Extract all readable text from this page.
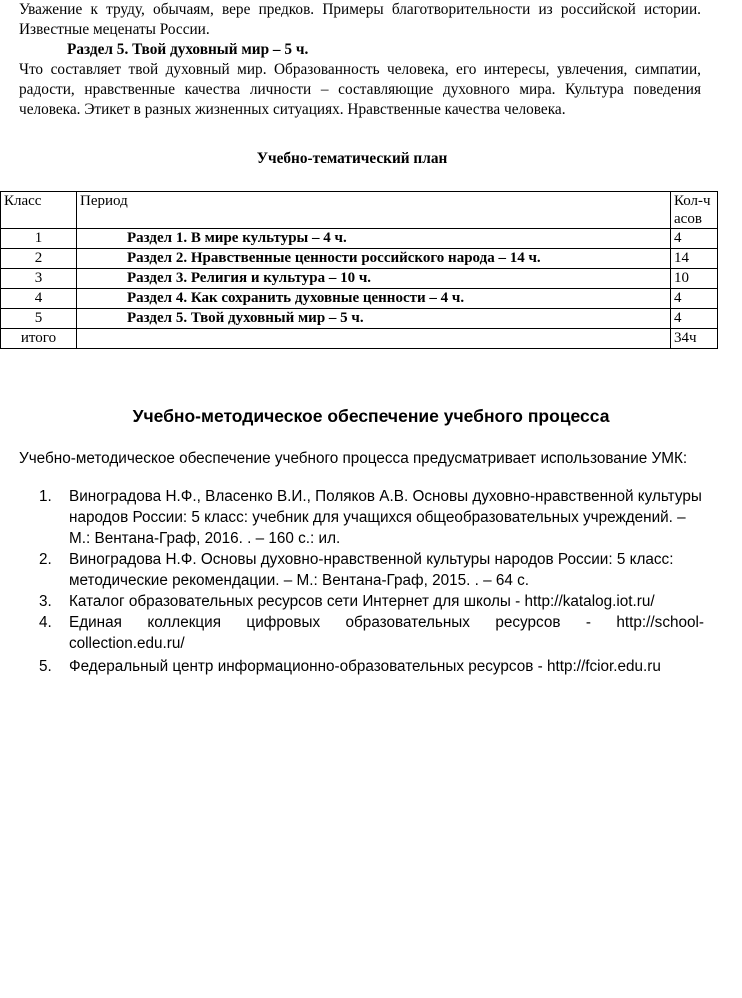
Уважение к труду, обычаям, вере предков. Примеры благотворительности из российской истории. Известные меценаты России.

Раздел 5. Твой духовный мир – 5 ч.

Что составляет твой духовный мир. Образованность человека, его интересы, увлечения, симпатии, радости, нравственные качества личности – составляющие духовного мира. Культура поведения человека. Этикет в разных жизненных ситуациях. Нравственные качества человека.

Учебно-тематический план
Класс	Период	Кол-часов
1	Раздел 1. В мире культуры – 4 ч.	4
2	Раздел 2. Нравственные ценности российского народа – 14 ч.	14
3	Раздел 3. Религия и культура – 10 ч.	10
4	Раздел 4. Как сохранить духовные ценности – 4 ч.	4
5	Раздел 5. Твой духовный мир – 5 ч.	4
итого		34ч
Учебно-методическое обеспечение учебного процесса
Учебно-методическое обеспечение учебного процесса предусматривает использование УМК:
1. Виноградова Н.Ф., Власенко В.И., Поляков А.В. Основы духовно-нравственной культуры народов России: 5 класс: учебник для учащихся общеобразовательных учреждений. – М.: Вентана-Граф, 2016. . – 160 с.: ил.
2. Виноградова Н.Ф. Основы духовно-нравственной культуры народов России: 5 класс: методические рекомендации. – М.: Вентана-Граф, 2015. . – 64 с.
3. Каталог образовательных ресурсов сети Интернет для школы - http://katalog.iot.ru/
4. Единая коллекция цифровых образовательных ресурсов - http://school-
collection.edu.ru/
5. Федеральный центр информационно-образовательных ресурсов - http://fcior.edu.ru
